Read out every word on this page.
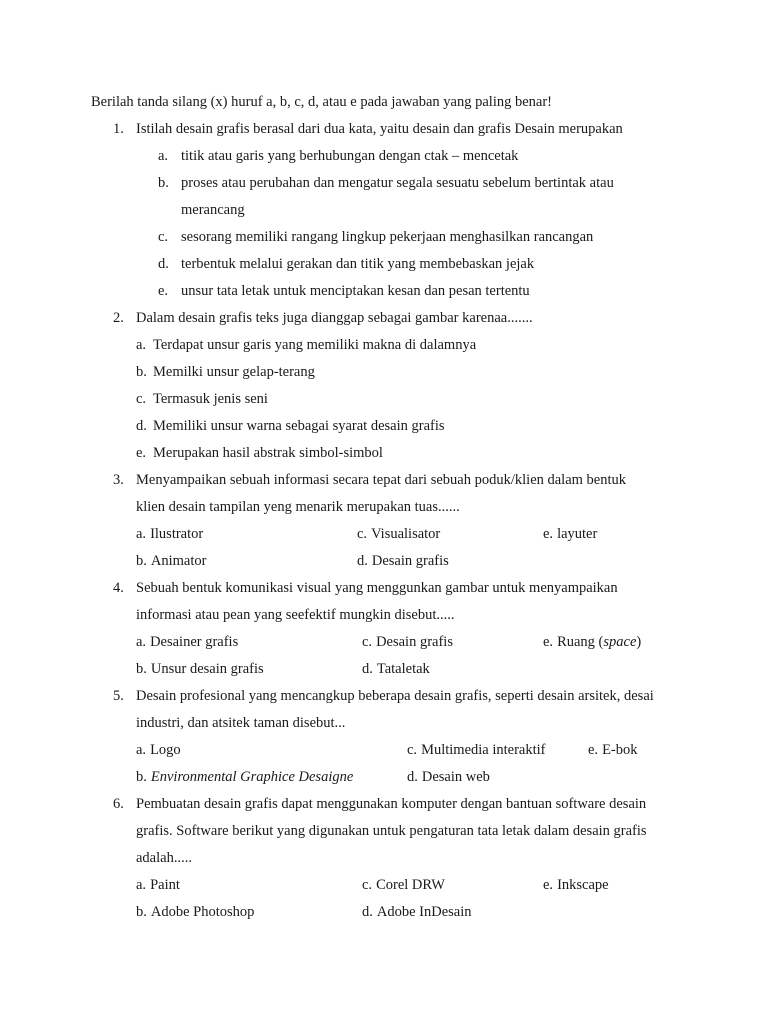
Berilah tanda silang (x) huruf a, b, c, d, atau e pada jawaban yang paling benar!
1. Istilah desain grafis berasal dari dua kata, yaitu desain dan grafis Desain merupakan
a. titik atau garis yang berhubungan dengan ctak – mencetak
b. proses atau perubahan dan mengatur segala sesuatu sebelum bertintak atau
merancang
c. sesorang memiliki rangang lingkup pekerjaan menghasilkan rancangan
d. terbentuk melalui gerakan dan titik yang membebaskan jejak
e. unsur tata letak untuk menciptakan kesan dan pesan tertentu
2. Dalam desain grafis teks juga dianggap sebagai gambar karenaa.......
a. Terdapat unsur garis yang memiliki makna di dalamnya
b. Memilki unsur gelap-terang
c. Termasuk jenis seni
d. Memiliki unsur warna sebagai syarat desain grafis
e. Merupakan hasil abstrak simbol-simbol
3. Menyampaikan sebuah informasi secara tepat dari sebuah poduk/klien dalam bentuk
klien desain tampilan yeng menarik merupakan tuas......
a. Ilustrator	c. Visualisator	e. layuter
b. Animator	d. Desain grafis
4. Sebuah bentuk komunikasi visual yang menggunkan gambar untuk menyampaikan
informasi atau pean yang seefektif mungkin disebut.....
a. Desainer grafis	c. Desain grafis	e. Ruang (space)
b. Unsur desain grafis	d. Tataletak
5. Desain profesional yang mencangkup beberapa desain grafis, seperti desain arsitek, desai
industri, dan atsitek taman disebut...
a. Logo	c. Multimedia interaktif	e. E-bok
b. Environmental Graphice Desaigne	d. Desain web
6. Pembuatan desain grafis dapat menggunakan komputer dengan bantuan software desain
grafis. Software berikut yang digunakan untuk pengaturan tata letak dalam desain grafis
adalah.....
a. Paint	c. Corel DRW	e. Inkscape
b. Adobe Photoshop	d. Adobe InDesain
